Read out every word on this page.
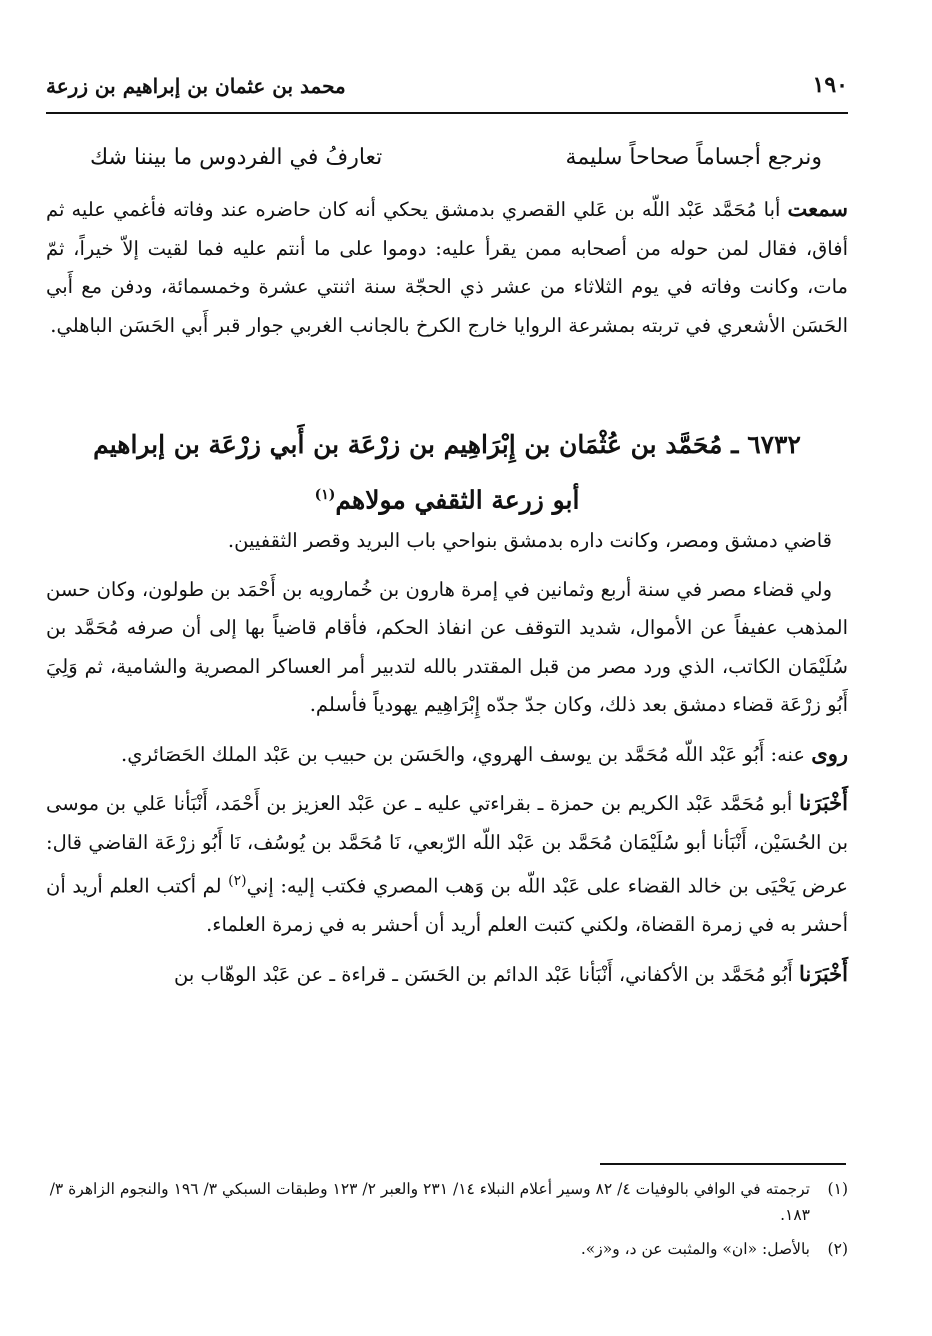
١٩٠
محمد بن عثمان بن إبراهيم بن زرعة
ونرجع أجساماً صحاحاً سليمة
تعارفُ في الفردوس ما بيننا شك

سمعت أبا مُحَمَّد عَبْد اللّه بن عَلي القصري بدمشق يحكي أنه كان حاضره عند وفاته فأغمي عليه ثم أفاق، فقال لمن حوله من أصحابه ممن يقرأ عليه: دوموا على ما أنتم عليه فما لقيت إلاّ خيراً، ثمّ مات، وكانت وفاته في يوم الثلاثاء من عشر ذي الحجّة سنة اثنتي عشرة وخمسمائة، ودفن مع أَبي الحَسَن الأشعري في تربته بمشرعة الروايا خارج الكرخ بالجانب الغربي جوار قبر أَبي الحَسَن الباهلي.

٦٧٣٢ ـ مُحَمَّد بن عُثْمَان بن إِبْرَاهِيم بن زرْعَة بن أَبي زرْعَة بن إبراهيم
أبو زرعة الثقفي مولاهم$^{(١)}$

قاضي دمشق ومصر، وكانت داره بدمشق بنواحي باب البريد وقصر الثقفيين.

ولي قضاء مصر في سنة أربع وثمانين في إمرة هارون بن خُمارويه بن أَحْمَد بن طولون، وكان حسن المذهب عفيفاً عن الأموال، شديد التوقف عن انفاذ الحكم، فأقام قاضياً بها إلى أن صرفه مُحَمَّد بن سُلَيْمَان الكاتب، الذي ورد مصر من قبل المقتدر بالله لتدبير أمر العساكر المصرية والشامية، ثم وَلِيَ أَبُو زرْعَة قضاء دمشق بعد ذلك، وكان جدّ جدّه إِبْرَاهِيم يهودياً فأسلم.

روى عنه: أَبُو عَبْد اللّه مُحَمَّد بن يوسف الهروي، والحَسَن بن حبيب بن عَبْد الملك الحَصَائري.

أَخْبَرَنا أبو مُحَمَّد عَبْد الكريم بن حمزة ـ بقراءتي عليه ـ عن عَبْد العزيز بن أَحْمَد، أَنْبَأنا عَلي بن موسى بن الحُسَيْن، أَنْبَأنا أبو سُلَيْمَان مُحَمَّد بن عَبْد اللّه الرّبعي، نَا مُحَمَّد بن يُوسُف، نَا أَبُو زرْعَة القاضي قال: عرض يَحْيَى بن خالد القضاء على عَبْد اللّه بن وَهب المصري فكتب إليه: إني$^{(٢)}$ لم أكتب العلم أريد أن أحشر به في زمرة القضاة، ولكني كتبت العلم أريد أن أحشر به في زمرة العلماء.

أَخْبَرَنا أَبُو مُحَمَّد بن الأكفاني، أَنْبَأنا عَبْد الدائم بن الحَسَن ـ قراءة ـ عن عَبْد الوهّاب بن

(١)
ترجمته في الوافي بالوفيات ٤/ ٨٢ وسير أعلام النبلاء ١٤/ ٢٣١ والعبر ٢/ ١٢٣ وطبقات السبكي ٣/ ١٩٦ والنجوم الزاهرة ٣/ ١٨٣.
(٢)
بالأصل: «ان» والمثبت عن د، و«ز».
